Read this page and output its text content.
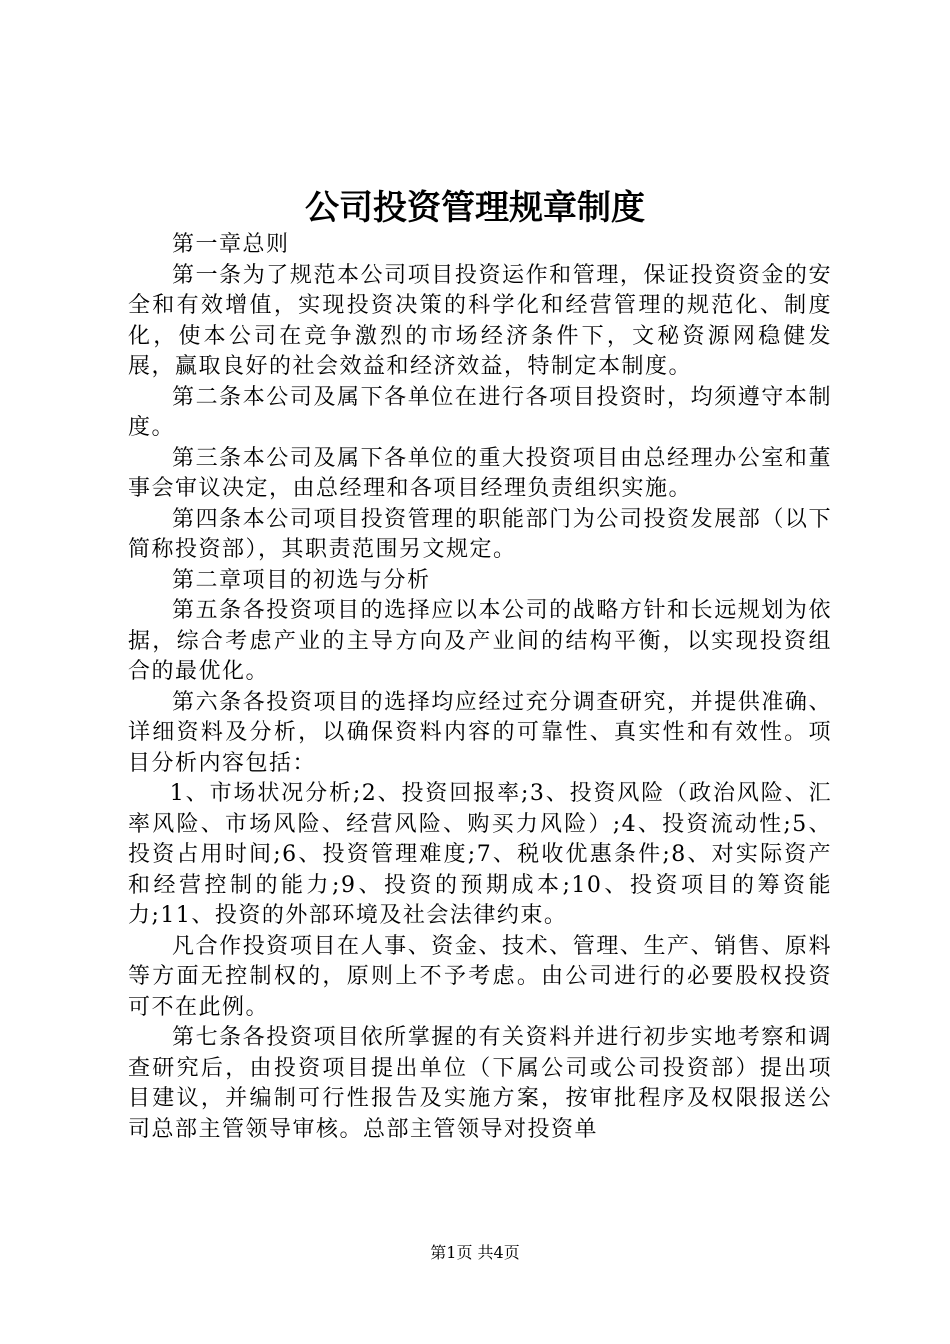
公司投资管理规章制度

第一章总则

第一条为了规范本公司项目投资运作和管理，保证投资资金的安全和有效增值，实现投资决策的科学化和经营管理的规范化、制度化，使本公司在竞争激烈的市场经济条件下，文秘资源网稳健发展，赢取良好的社会效益和经济效益，特制定本制度。

第二条本公司及属下各单位在进行各项目投资时，均须遵守本制度。

第三条本公司及属下各单位的重大投资项目由总经理办公室和董事会审议决定，由总经理和各项目经理负责组织实施。

第四条本公司项目投资管理的职能部门为公司投资发展部（以下简称投资部），其职责范围另文规定。

第二章项目的初选与分析

第五条各投资项目的选择应以本公司的战略方针和长远规划为依据，综合考虑产业的主导方向及产业间的结构平衡，以实现投资组合的最优化。

第六条各投资项目的选择均应经过充分调查研究，并提供准确、详细资料及分析，以确保资料内容的可靠性、真实性和有效性。项目分析内容包括：

1、市场状况分析;2、投资回报率;3、投资风险（政治风险、汇率风险、市场风险、经营风险、购买力风险）;4、投资流动性;5、投资占用时间;6、投资管理难度;7、税收优惠条件;8、对实际资产和经营控制的能力;9、投资的预期成本;10、投资项目的筹资能力;11、投资的外部环境及社会法律约束。

凡合作投资项目在人事、资金、技术、管理、生产、销售、原料等方面无控制权的，原则上不予考虑。由公司进行的必要股权投资可不在此例。

第七条各投资项目依所掌握的有关资料并进行初步实地考察和调查研究后，由投资项目提出单位（下属公司或公司投资部）提出项目建议，并编制可行性报告及实施方案，按审批程序及权限报送公司总部主管领导审核。总部主管领导对投资单

第1页 共4页
